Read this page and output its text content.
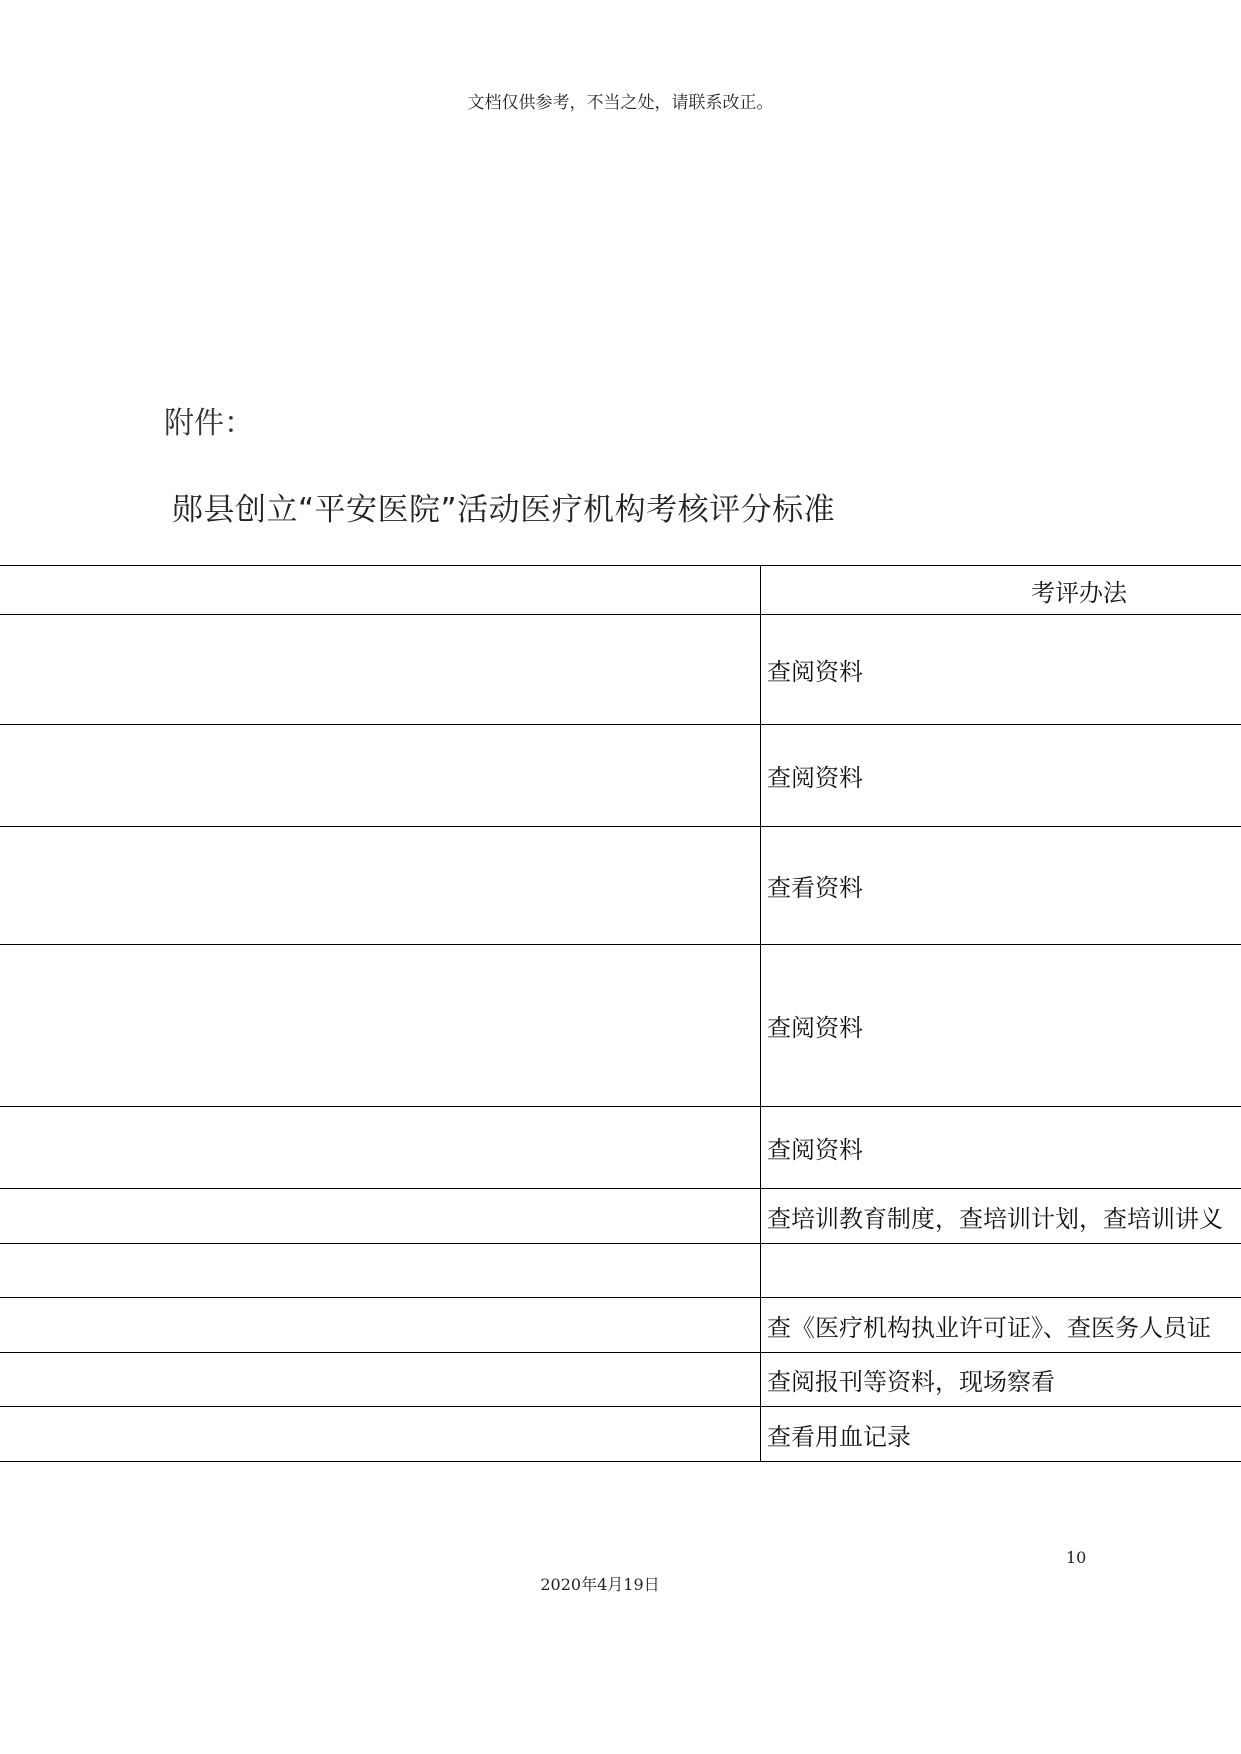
文档仅供参考，不当之处，请联系改正。
附件：
郧县创立“平安医院”活动医疗机构考核评分标准
	考评办法
	查阅资料
	查阅资料
	查看资料
	查阅资料
	查阅资料
	查培训教育制度，查培训计划，查培训讲义

	查《医疗机构执业许可证》、查医务人员证
	查阅报刊等资料，现场察看
	查看用血记录
10
2020年4月19日
